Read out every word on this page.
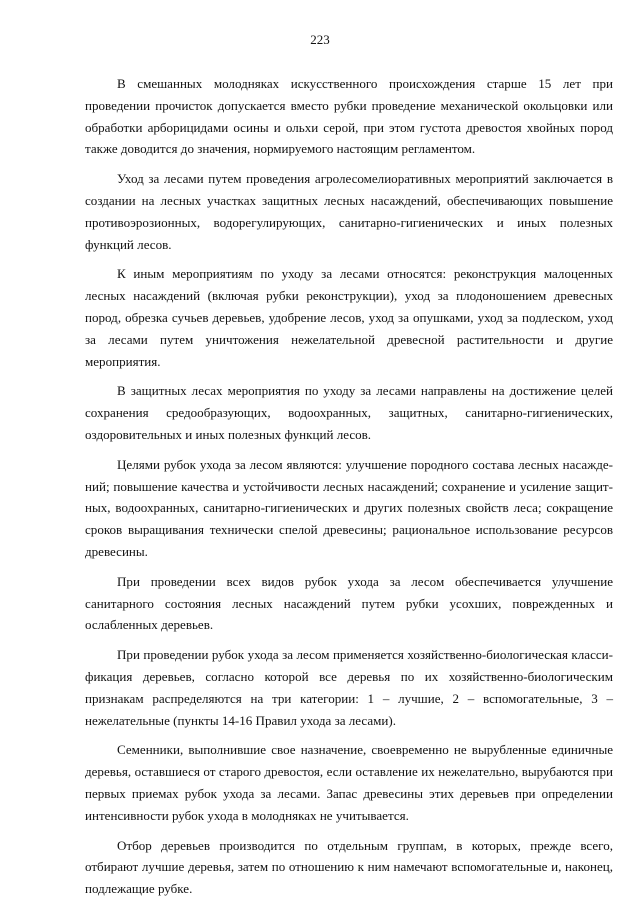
223

В смешанных молодняках искусственного происхождения старше 15 лет при проведении прочисток допускается вместо рубки проведение механической окольцовки или обработки арборицидами осины и ольхи серой, при этом густота древостоя хвойных пород также доводится до значения, нормируемого настоящим регламентом.

Уход за лесами путем проведения агролесомелиоративных мероприятий заключается в создании на лесных участках защитных лесных насаждений, обеспечивающих повышение противоэрозионных, водорегулирующих, санитарно-гигиенических и иных полезных функций лесов.

К иным мероприятиям по уходу за лесами относятся: реконструкция малоценных лесных насаждений (включая рубки реконструкции), уход за плодоношением древесных пород, обрезка сучьев деревьев, удобрение лесов, уход за опушками, уход за подлеском, уход за лесами путем уничтожения нежелательной древесной растительности и другие мероприятия.

В защитных лесах мероприятия по уходу за лесами направлены на достижение целей сохранения средообразующих, водоохранных, защитных, санитарно-гигиенических, оздоровительных и иных полезных функций лесов.

Целями рубок ухода за лесом являются: улучшение породного состава лесных насаждений; повышение качества и устойчивости лесных насаждений; сохранение и усиление защитных, водоохранных, санитарно-гигиенических и других полезных свойств леса; сокращение сроков выращивания технически спелой древесины; рациональное использование ресурсов древесины.

При проведении всех видов рубок ухода за лесом обеспечивается улучшение санитарного состояния лесных насаждений путем рубки усохших, поврежденных и ослабленных деревьев.

При проведении рубок ухода за лесом применяется хозяйственно-биологическая классификация деревьев, согласно которой все деревья по их хозяйственно-биологическим признакам распределяются на три категории: 1 – лучшие, 2 – вспомогательные, 3 – нежелательные (пункты 14-16 Правил ухода за лесами).

Семенники, выполнившие свое назначение, своевременно не вырубленные единичные деревья, оставшиеся от старого древостоя, если оставление их нежелательно, вырубаются при первых приемах рубок ухода за лесами. Запас древесины этих деревьев при определении интенсивности рубок ухода в молодняках не учитывается.

Отбор деревьев производится по отдельным группам, в которых, прежде всего, отбирают лучшие деревья, затем по отношению к ним намечают вспомогательные и, наконец, подлежащие рубке.
